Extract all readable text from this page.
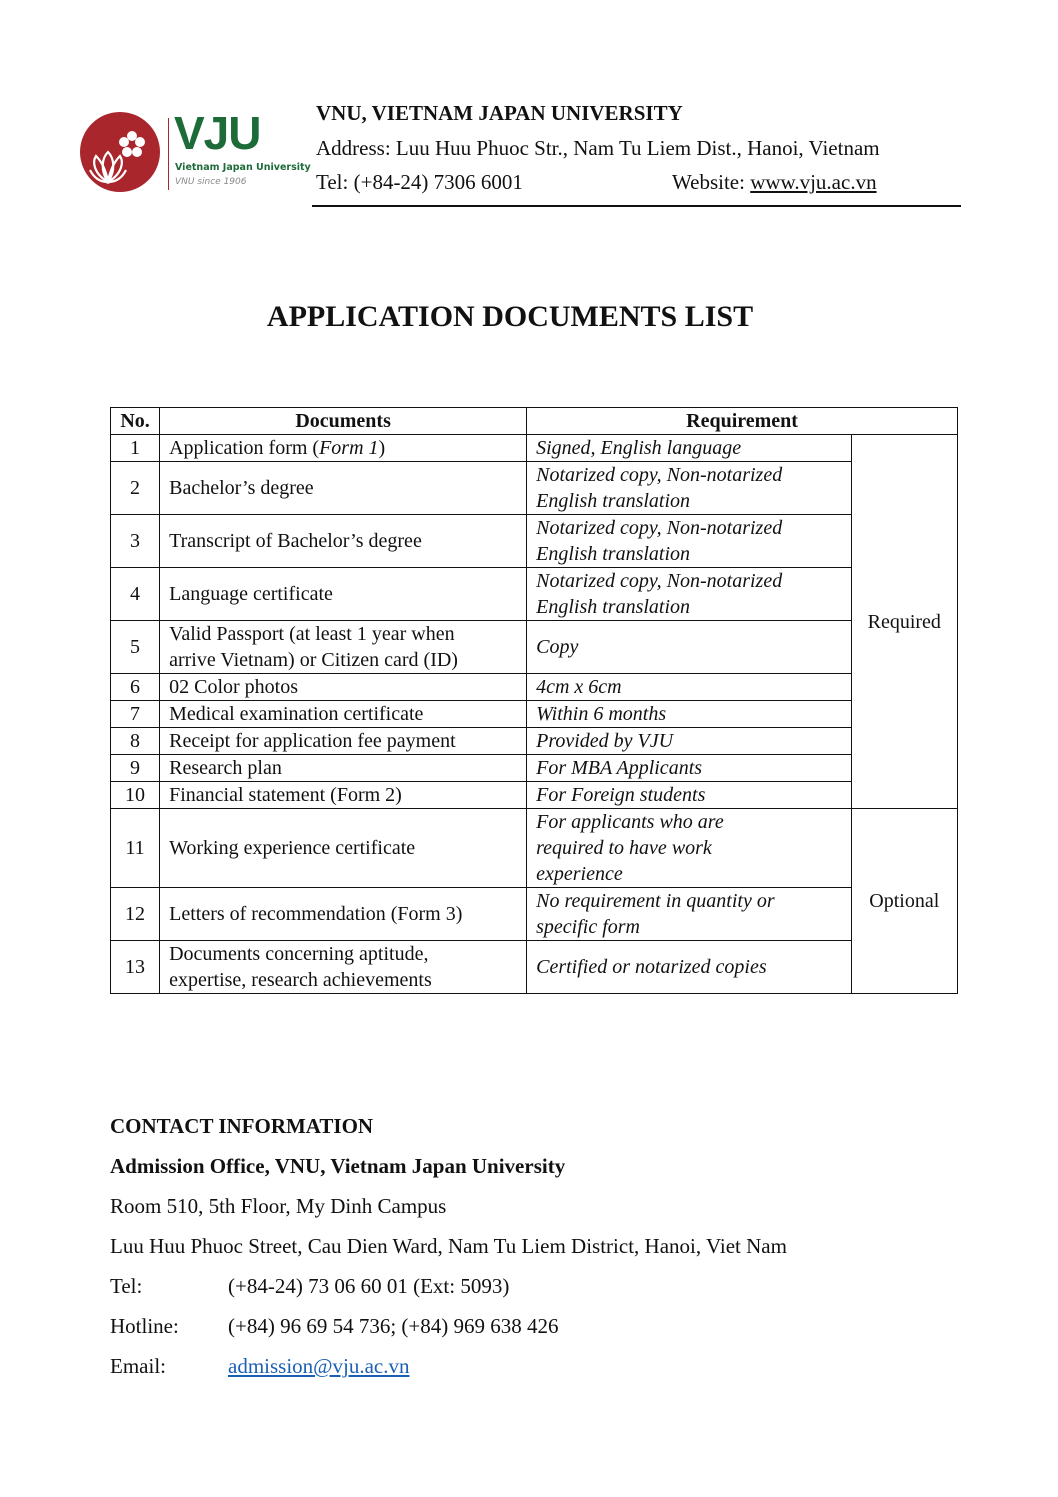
VJU
Vietnam Japan University
VNU since 1906
VNU, VIETNAM JAPAN UNIVERSITY
Address: Luu Huu Phuoc Str., Nam Tu Liem Dist., Hanoi, Vietnam
Tel: (+84-24) 7306 6001	Website: www.vju.ac.vn
APPLICATION DOCUMENTS LIST
No.	Documents	Requirement	
1	Application form (Form 1)	Signed, English language	Required
2	Bachelor’s degree	Notarized copy, Non-notarized
English translation	

3	Transcript of Bachelor’s degree	Notarized copy, Non-notarized
English translation	

4	Language certificate	Notarized copy, Non-notarized
English translation	

5	Valid Passport (at least 1 year when
arrive Vietnam) or Citizen card (ID)	Copy	
6	02 Color photos	4cm x 6cm	
7	Medical examination certificate	Within 6 months	
8	Receipt for application fee payment	Provided by VJU	
9	Research plan	For MBA Applicants	
10	Financial statement (Form 2)	For Foreign students	
11	Working experience certificate	For applicants who are
required to have work
experience	Optional
12	Letters of recommendation (Form 3)	No requirement in quantity or
specific form	

13	Documents concerning aptitude,
expertise, research achievements	Certified or notarized copies	
CONTACT INFORMATION
Admission Office, VNU, Vietnam Japan University
Room 510, 5th Floor, My Dinh Campus
Luu Huu Phuoc Street, Cau Dien Ward, Nam Tu Liem District, Hanoi, Viet Nam
Tel:	(+84-24) 73 06 60 01 (Ext: 5093)
Hotline: (+84) 96 69 54 736; (+84) 969 638 426
Email:	admission@vju.ac.vn
